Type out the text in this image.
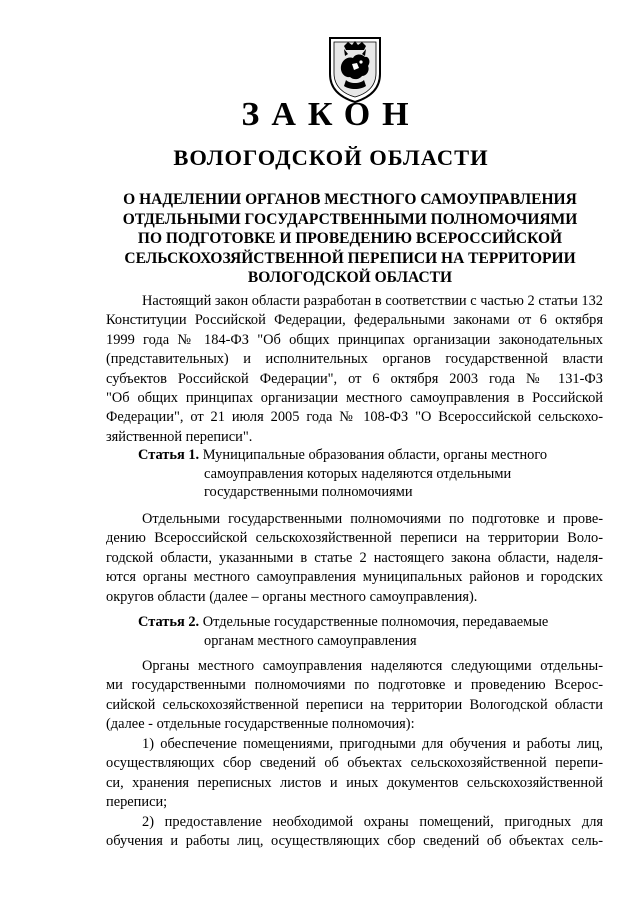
ЗАКОН
ВОЛОГОДСКОЙ ОБЛАСТИ
О НАДЕЛЕНИИ ОРГАНОВ МЕСТНОГО САМОУПРАВЛЕНИЯ
ОТДЕЛЬНЫМИ ГОСУДАРСТВЕННЫМИ ПОЛНОМОЧИЯМИ
ПО ПОДГОТОВКЕ И ПРОВЕДЕНИЮ ВСЕРОССИЙСКОЙ
СЕЛЬСКОХОЗЯЙСТВЕННОЙ ПЕРЕПИСИ НА ТЕРРИТОРИИ
ВОЛОГОДСКОЙ ОБЛАСТИ
Настоящий закон области разработан в соответствии с частью 2 статьи 132
Конституции Российской Федерации, федеральными законами от 6 октября
1999 года № 184-ФЗ "Об общих принципах организации законодательных
(представительных) и исполнительных органов государственной власти
субъектов Российской Федерации", от 6 октября 2003 года № 131-ФЗ
"Об общих принципах организации местного самоуправления в Российской
Федерации", от 21 июля 2005 года № 108-ФЗ "О Всероссийской сельскохо-
зяйственной переписи".
Статья 1. Муниципальные образования области, органы местного
самоуправления которых наделяются отдельными
государственными полномочиями
Отдельными государственными полномочиями по подготовке и прове-
дению Всероссийской сельскохозяйственной переписи на территории Воло-
годской области, указанными в статье 2 настоящего закона области, наделя-
ются органы местного самоуправления муниципальных районов и городских
округов области (далее – органы местного самоуправления).
Статья 2. Отдельные государственные полномочия, передаваемые
органам местного самоуправления
Органы местного самоуправления наделяются следующими отдельны-
ми государственными полномочиями по подготовке и проведению Всерос-
сийской сельскохозяйственной переписи на территории Вологодской области
(далее - отдельные государственные полномочия):
1) обеспечение помещениями, пригодными для обучения и работы лиц,
осуществляющих сбор сведений об объектах сельскохозяйственной перепи-
си, хранения переписных листов и иных документов сельскохозяйственной
переписи;
2) предоставление необходимой охраны помещений, пригодных для
обучения и работы лиц, осуществляющих сбор сведений об объектах сель-
